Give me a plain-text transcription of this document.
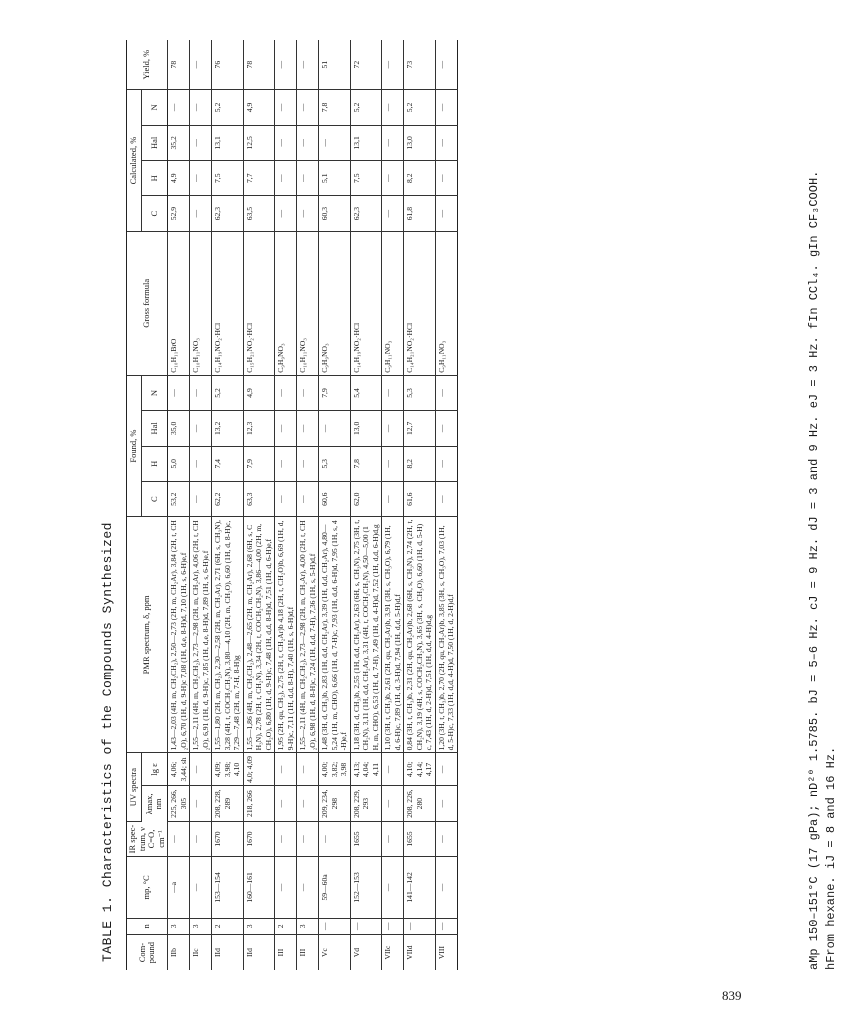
TABLE 1. Characteristics of the Compounds Synthesized	Com-pound	n	mp, °C	IR spec-trum, ν C=O, cm⁻¹	UV spectra		PMR spectrum, δ, ppm	Found, %				Gross formula	Calculated, %				Yield, %
				λmax, nm	lg ε		C	H	Hal	N		C	H	Hal	N	
IIb	3	—a	—	225, 266, 305	4,06; 3,44; sh	1,43—2,03 (4H, m, CH₂CH₂), 2,50—2,73 (2H, m, CH₂Ar), 3,84 (2H, t, CH₂O), 6,70 (1H, d, 9-H)c 7,08 (1H, d,e, 8-H)d, 7,10 (1H, s, 6-H)e,f	53,2	5,0	35,0	—	C₁₀H₁₁BrO	52,9	4,9	35,2	—	78
IIc	3	—	—	—	—	1,55—2,11 (4H, m, CH₂CH₂), 2,73—2,98 (2H, m, CH₂Ar), 4,06 (2H, t, CH₂O), 6,91 (1H, d, 9-H)c, 7,85 (1H, d,e, 8-H)d, 7,89 (1H, s, 6-H)e,f	—	—	—	—	C₁₀H₁₁NO₃	—	—	—	—	—
IId	2	153—154	1670	208, 228, 289	4,09; 3,98; 4,10	1,55—1,80 (2H, m, CH₂), 2,30—2,58 (2H, m, CH₂Ar), 2,71 (6H, s, CH₃N), 3,28 (4H, t, COCH₂CH₂N), 3,80—4,10 (2H, m, CH₂O), 6,60 (1H, d, 8-H)c, 7,29—7,48 (2H, m, 7-H, 8-H)g	62,2	7,4	13,2	5,2	C₁₄H₁₉NO₂·HCl	62,3	7,5	13,1	5,2	76
IId	3	160—161	1670	218, 266	4,0; 4,09	1,55—1,86 (4H, m, CH₂CH₂), 2,48—2,65 (2H, m, CH₂Ar), 2,68 (6H, s, CH₃N), 2,78 (2H, t, CH₂N), 3,34 (2H, t, COCH₂CH₂N), 3,86—4,00 (2H, m, CH₂O), 6,80 (1H, d, 9-H)c, 7,48 (1H, d,d, 8-H)d, 7,51 (1H, d, 6-H)e,f	63,3	7,9	12,3	4,9	C₁₅H₂₁NO₂·HCl	63,5	7,7	12,5	4,9	78
III	2	—	—	—	—	1,95 (2H, qu, CH₂), 2,75 (2H, t, CH₂Ar)b 4,18 (2H, t, CH₂O)b, 6,69 (1H, d, 9-H)c, 7,11 (1H, d,d, 8-H), 7,40 (1H, s, 6-H)d,f	—	—	—	—	C₉H₉NO₃	—	—	—	—	—
III	3	—	—	—	—	1,55—2,11 (4H, m, CH₂CH₂), 2,73—2,98 (2H, m, CH₂Ar), 4,00 (2H, t, CH₂O), 6,98 (1H, d, 8-H)c, 7,24 (1H, d,d, 7-H), 7,36 (1H, s, 5-H)d,f	—	—	—	—	C₁₀H₁₁NO₃	—	—	—	—	—
Vc	—	59—60a	—	209, 234, 298	4,00; 3,82; 3,98	1,48 (3H, d, CH₃)b, 2,83 (1H, d,d, CH₂Ar), 3,39 (1H, d,d, CH₂Ar), 4,80—5,24 (1H, m, CHO), 6,66 (1H, d, 7-H)c, 7,93 (1H, d,d, 6-H)d, 7,95 (1H, s, 4-H)e,f	60,6	5,3	—	7,9	C₉H₉NO₃	60,3	5,1	—	7,8	51
Vd	—	152—153	1655	208, 229, 293	4,13; 4,04; 4,11	1,18 (3H, d, CH₃)b, 2,55 (1H, d,d, CH₂Ar), 2,63 (6H, s, CH₃N), 2,75 (3H, t, CH₂N), 3,11 (1H, d,d, CH₂Ar), 3,31 (4H, t, COCH₂CH₂N), 4,50—5,00 (1H, m, CHO), 6,53 (1H, d, 7-H), 7,49 (1H, d, 4-H)d, 7,52 (1H, d,d, 6-H)d,g	62,0	7,8	13,0	5,4	C₁₄H₁₉NO₂·HCl	62,3	7,5	13,1	5,2	72
VIIc	—	—	—	—	—	1,10 (3H, t, CH₃)b, 2,61 (2H, qu, CH₂Ar)b, 3,91 (3H, s, CH₃O), 6,79 (1H, d, 6-H)c, 7,89 (1H, d, 3-H)d, 7,94 (1H, d,d, 5-H)d,f	—	—	—	—	C₉H₁₁NO₃	—	—	—	—	—
VIId	—	141—142	1655	208, 226, 280	4,10; 4,14; 4,17	0,84 (3H, t, CH₃)b, 2,31 (2H, qu, CH₂Ar)b, 2,68 (6H, s, CH₃N), 2,74 (2H, t, CH₂N), 3,19 (4H, s, COCH₂CH₂N), 3,65 (3H, s, CH₃O), 6,60 (1H, d, 5-H)c, 7,43 (1H, d, 2-H)d, 7,51 (1H, d,d, 4-H)d,g	61,6	8,2	12,7	5,3	C₁₄H₂₁NO₂·HCl	61,8	8,2	13,0	5,2	73
VIII	—	—	—	—	—	1,20 (3H, t, CH₃)b, 2,70 (2H, qu, CH₂Ar)b, 3,85 (3H, s, CH₃O), 7,03 (1H, d, 5-H)c, 7,33 (1H, d,d, 4-H)d, 7,50 (1H, d, 2-H)d,f	—	—	—	—	C₉H₁₁NO₃	—	—	—	—	—
aMp 150–151°C (17 gPa); nD²⁰ 1.5785. bJ = 5–6 Hz. cJ = 9 Hz. dJ = 3 and 9 Hz. eJ = 3 Hz. fIn CCl₄. gIn CF₃COOH. hFrom hexane. iJ = 8 and 16 Hz.
839
